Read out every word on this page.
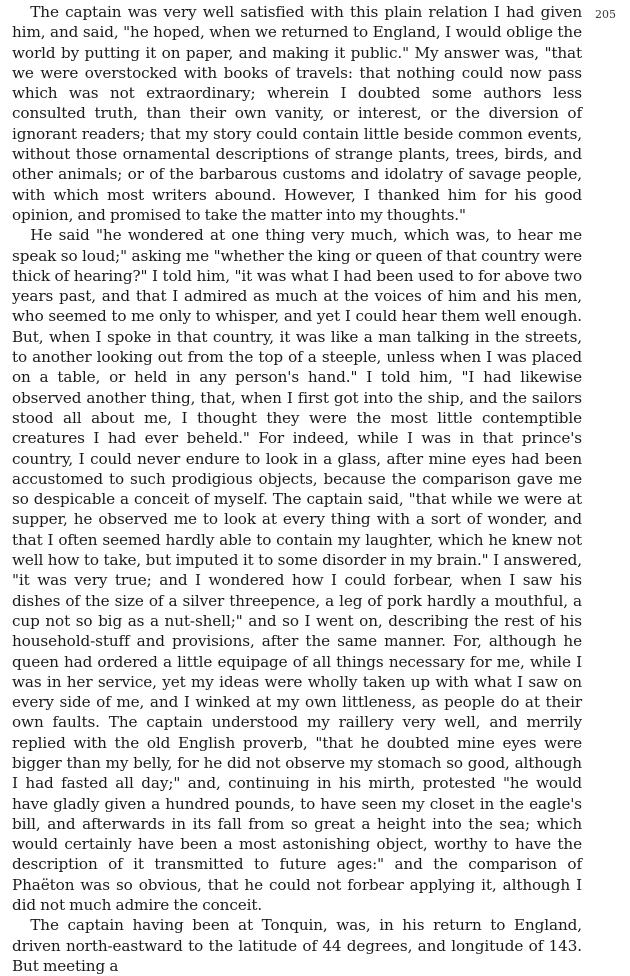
205

The captain was very well satisfied with this plain relation I had given him, and said, "he hoped, when we returned to England, I would oblige the world by putting it on paper, and making it public." My answer was, "that we were overstocked with books of travels: that nothing could now pass which was not extraordinary; wherein I doubted some authors less consulted truth, than their own vanity, or interest, or the diversion of ignorant readers; that my story could contain little beside common events, without those ornamental descriptions of strange plants, trees, birds, and other animals; or of the barbarous customs and idolatry of savage people, with which most writers abound. However, I thanked him for his good opinion, and promised to take the matter into my thoughts."

He said "he wondered at one thing very much, which was, to hear me speak so loud;" asking me "whether the king or queen of that country were thick of hearing?" I told him, "it was what I had been used to for above two years past, and that I admired as much at the voices of him and his men, who seemed to me only to whisper, and yet I could hear them well enough. But, when I spoke in that country, it was like a man talking in the streets, to another looking out from the top of a steeple, unless when I was placed on a table, or held in any person's hand." I told him, "I had likewise observed another thing, that, when I first got into the ship, and the sailors stood all about me, I thought they were the most little contemptible creatures I had ever beheld." For indeed, while I was in that prince's country, I could never endure to look in a glass, after mine eyes had been accustomed to such prodigious objects, because the comparison gave me so despicable a conceit of myself. The captain said, "that while we were at supper, he observed me to look at every thing with a sort of wonder, and that I often seemed hardly able to contain my laughter, which he knew not well how to take, but imputed it to some disorder in my brain." I answered, "it was very true; and I wondered how I could forbear, when I saw his dishes of the size of a silver threepence, a leg of pork hardly a mouthful, a cup not so big as a nut-shell;" and so I went on, describing the rest of his household-stuff and provisions, after the same manner. For, although he queen had ordered a little equipage of all things necessary for me, while I was in her service, yet my ideas were wholly taken up with what I saw on every side of me, and I winked at my own littleness, as people do at their own faults. The captain understood my raillery very well, and merrily replied with the old English proverb, "that he doubted mine eyes were bigger than my belly, for he did not observe my stomach so good, although I had fasted all day;" and, continuing in his mirth, protested "he would have gladly given a hundred pounds, to have seen my closet in the eagle's bill, and afterwards in its fall from so great a height into the sea; which would certainly have been a most astonishing object, worthy to have the description of it transmitted to future ages:" and the comparison of Phaëton was so obvious, that he could not forbear applying it, although I did not much admire the conceit.

The captain having been at Tonquin, was, in his return to England, driven north-eastward to the latitude of 44 degrees, and longitude of 143. But meeting a
